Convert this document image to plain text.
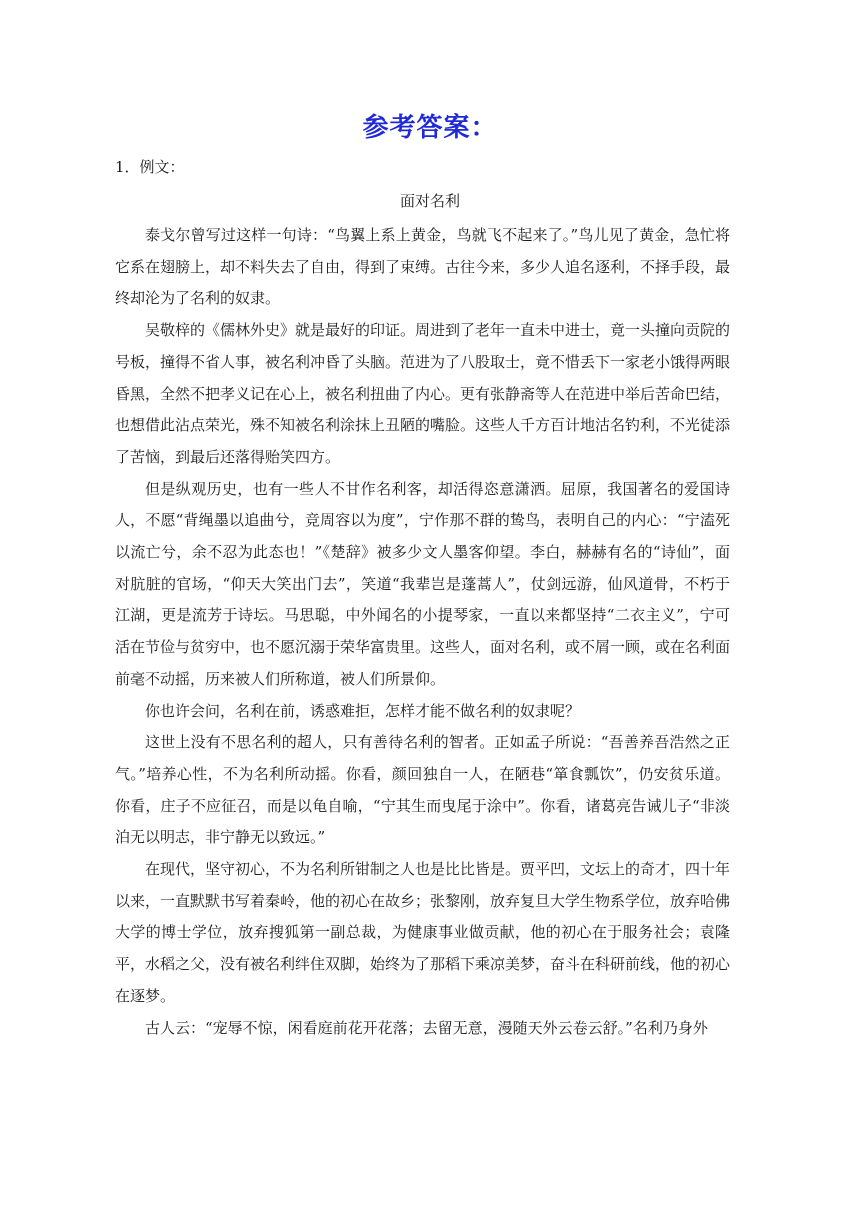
参考答案：
1．例文：
面对名利

泰戈尔曾写过这样一句诗：“鸟翼上系上黄金，鸟就飞不起来了。”鸟儿见了黄金，急忙将它系在翅膀上，却不料失去了自由，得到了束缚。古往今来，多少人追名逐利，不择手段，最终却沦为了名利的奴隶。

吴敬梓的《儒林外史》就是最好的印证。周进到了老年一直未中进士，竟一头撞向贡院的号板，撞得不省人事，被名利冲昏了头脑。范进为了八股取士，竟不惜丢下一家老小饿得两眼昏黑，全然不把孝义记在心上，被名利扭曲了内心。更有张静斋等人在范进中举后苦命巴结，也想借此沾点荣光，殊不知被名利涂抹上丑陋的嘴脸。这些人千方百计地沽名钓利，不光徒添了苦恼，到最后还落得贻笑四方。

但是纵观历史，也有一些人不甘作名利客，却活得恣意潇洒。屈原，我国著名的爱国诗人，不愿“背绳墨以追曲兮，竞周容以为度”，宁作那不群的鸷鸟，表明自己的内心：“宁溘死以流亡兮，余不忍为此态也！”《楚辞》被多少文人墨客仰望。李白，赫赫有名的“诗仙”，面对肮脏的官场，“仰天大笑出门去”，笑道“我辈岂是蓬蒿人”，仗剑远游，仙风道骨，不朽于江湖，更是流芳于诗坛。马思聪，中外闻名的小提琴家，一直以来都坚持“二衣主义”，宁可活在节俭与贫穷中，也不愿沉溺于荣华富贵里。这些人，面对名利，或不屑一顾，或在名利面前毫不动摇，历来被人们所称道，被人们所景仰。

你也许会问，名利在前，诱惑难拒，怎样才能不做名利的奴隶呢？

这世上没有不思名利的超人，只有善待名利的智者。正如孟子所说：“吾善养吾浩然之正气。”培养心性，不为名利所动摇。你看，颜回独自一人，在陋巷“箪食瓢饮”，仍安贫乐道。你看，庄子不应征召，而是以龟自喻，“宁其生而曳尾于涂中”。你看，诸葛亮告诫儿子“非淡泊无以明志，非宁静无以致远。”

在现代，坚守初心，不为名利所钳制之人也是比比皆是。贾平凹，文坛上的奇才，四十年以来，一直默默书写着秦岭，他的初心在故乡；张黎刚，放弃复旦大学生物系学位，放弃哈佛大学的博士学位，放弃搜狐第一副总裁，为健康事业做贡献，他的初心在于服务社会；袁隆平，水稻之父，没有被名利绊住双脚，始终为了那稻下乘凉美梦，奋斗在科研前线，他的初心在逐梦。

古人云：“宠辱不惊，闲看庭前花开花落；去留无意，漫随天外云卷云舒。”名利乃身外
